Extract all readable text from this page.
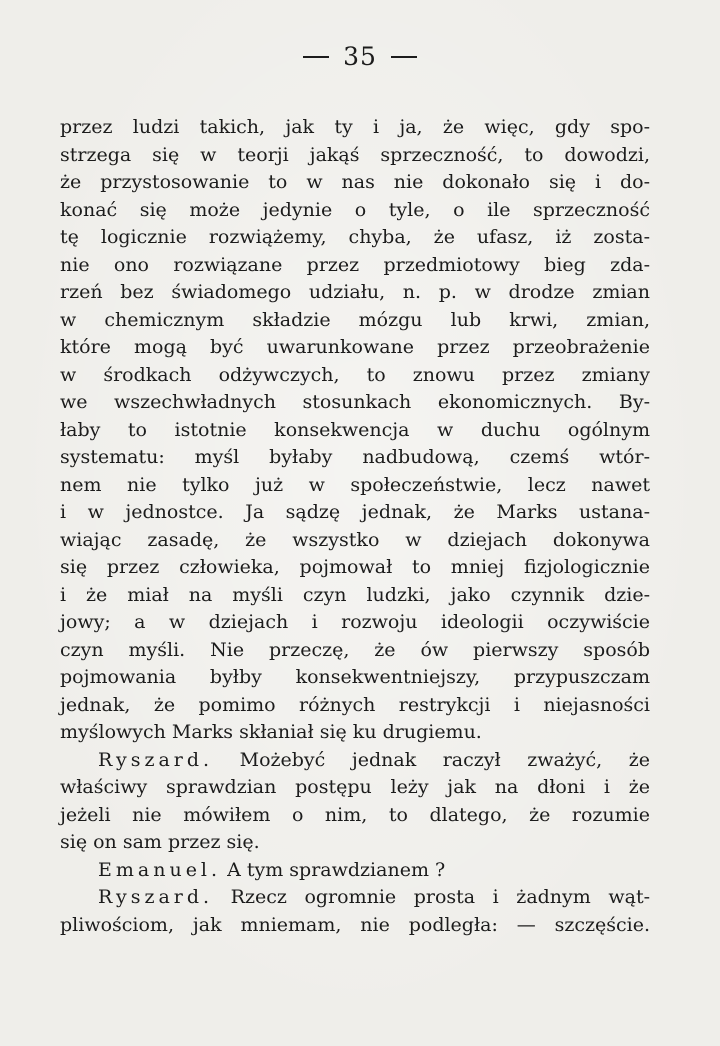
35
przez ludzi takich, jak ty i ja, że więc, gdy spo-
strzega się w teorji jakąś sprzeczność, to dowodzi,
że przystosowanie to w nas nie dokonało się i do-
konać się może jedynie o tyle, o ile sprzeczność
tę logicznie rozwiążemy, chyba, że ufasz, iż zosta-
nie ono rozwiązane przez przedmiotowy bieg zda-
rzeń bez świadomego udziału, n. p. w drodze zmian
w chemicznym składzie mózgu lub krwi, zmian,
które mogą być uwarunkowane przez przeobrażenie
w środkach odżywczych, to znowu przez zmiany
we wszechwładnych stosunkach ekonomicznych. By-
łaby to istotnie konsekwencja w duchu ogólnym
systematu: myśl byłaby nadbudową, czemś wtór-
nem nie tylko już w społeczeństwie, lecz nawet
i w jednostce. Ja sądzę jednak, że Marks ustana-
wiając zasadę, że wszystko w dziejach dokonywa
się przez człowieka, pojmował to mniej fizjologicznie
i że miał na myśli czyn ludzki, jako czynnik dzie-
jowy; a w dziejach i rozwoju ideologii oczywiście
czyn myśli. Nie przeczę, że ów pierwszy sposób
pojmowania byłby konsekwentniejszy, przypuszczam
jednak, że pomimo różnych restrykcji i niejasności
myślowych Marks skłaniał się ku drugiemu.
Ryszard. Możebyć jednak raczył zważyć, że
właściwy sprawdzian postępu leży jak na dłoni i że
jeżeli nie mówiłem o nim, to dlatego, że rozumie
się on sam przez się.
Emanuel. A tym sprawdzianem ?
Ryszard. Rzecz ogromnie prosta i żadnym wąt-
pliwościom, jak mniemam, nie podległa: — szczęście.
